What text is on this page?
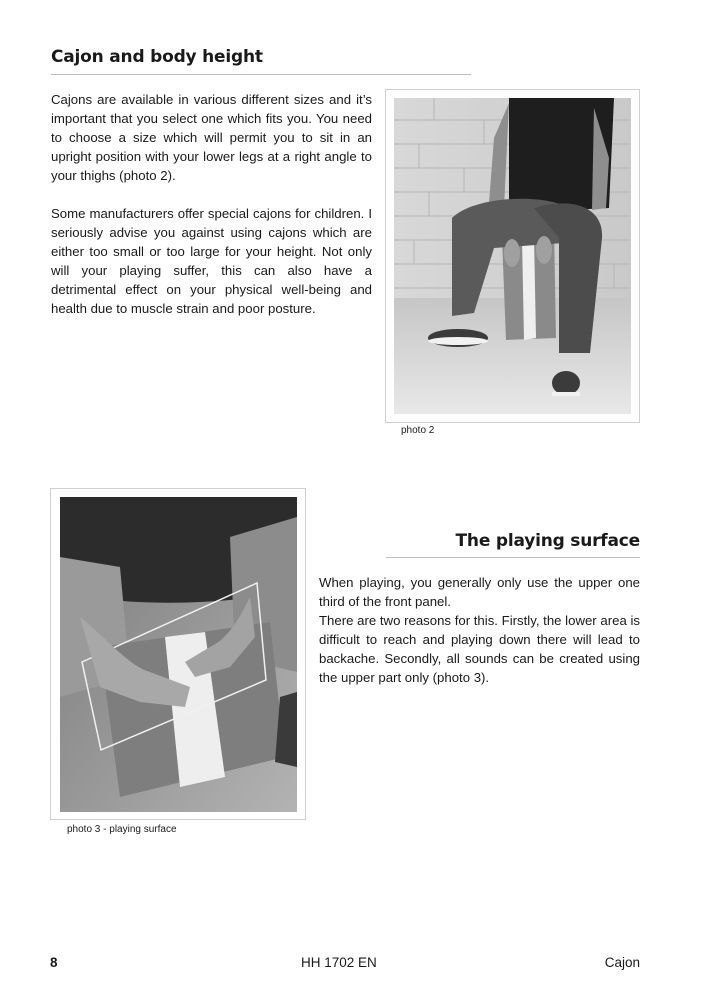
Cajon and body height

Cajons are available in various different sizes and it’s important that you select one which fits you. You need to choose a size which will permit you to sit in an upright position with your lower legs at a right angle to your thighs (photo 2).

Some manufacturers offer special cajons for children. I seriously advise you against using cajons which are either too small or too large for your height. Not only will your playing suffer, this can also have a detrimental effect on your physical well-being and health due to muscle strain and poor posture.

photo 2
photo 3 - playing surface
The playing surface

When playing, you generally only use the upper one third of the front panel.

There are two reasons for this. Firstly, the lower area is difficult to reach and playing down there will lead to backache. Secondly, all sounds can be created using the upper part only (photo 3).

8	HH 1702 EN	Cajon
